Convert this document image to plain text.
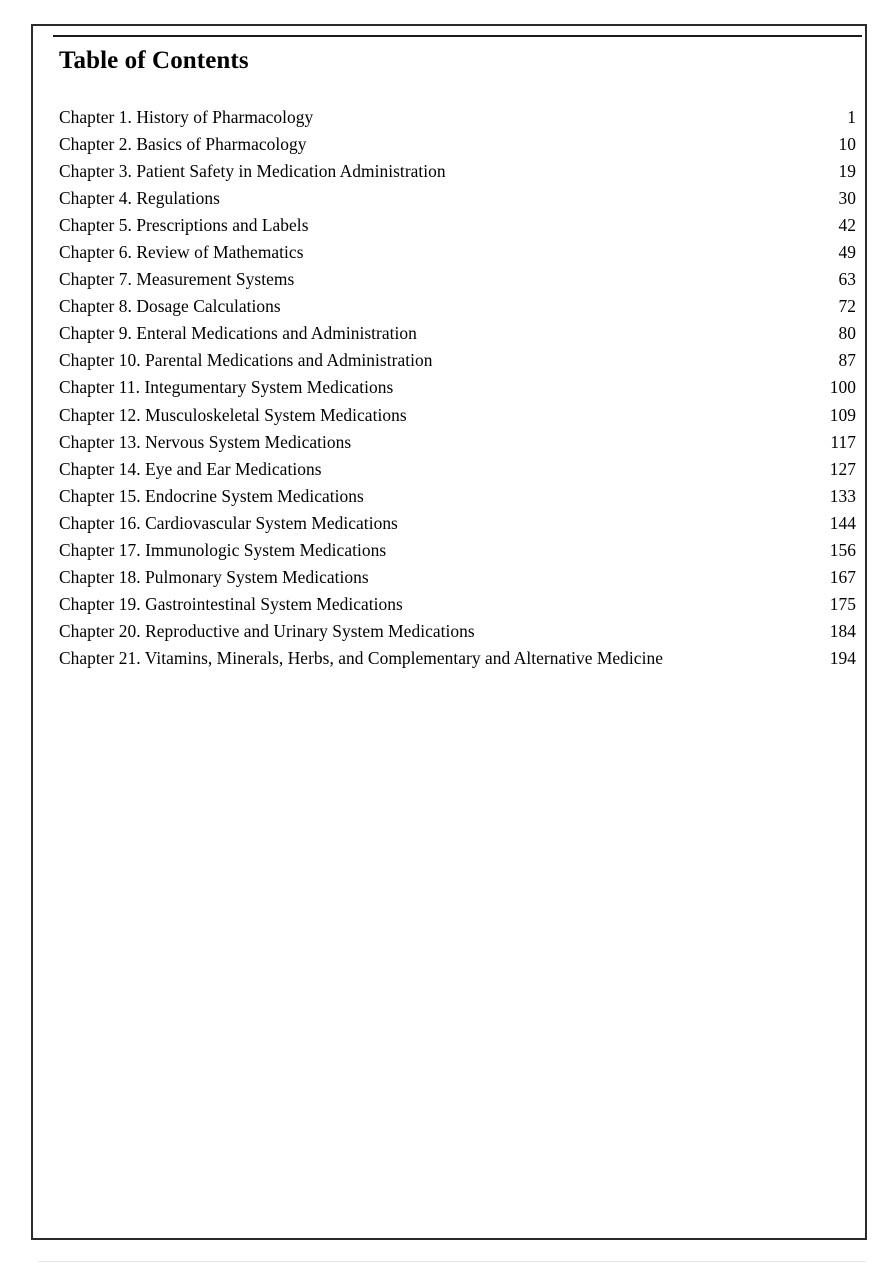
Table of Contents
Chapter 1. History of Pharmacology	1
Chapter 2. Basics of Pharmacology	10
Chapter 3. Patient Safety in Medication Administration	19
Chapter 4. Regulations	30
Chapter 5. Prescriptions and Labels	42
Chapter 6. Review of Mathematics	49
Chapter 7. Measurement Systems	63
Chapter 8. Dosage Calculations	72
Chapter 9. Enteral Medications and Administration	80
Chapter 10. Parental Medications and Administration	87
Chapter 11. Integumentary System Medications	100
Chapter 12. Musculoskeletal System Medications	109
Chapter 13. Nervous System Medications	117
Chapter 14. Eye and Ear Medications	127
Chapter 15. Endocrine System Medications	133
Chapter 16. Cardiovascular System Medications	144
Chapter 17. Immunologic System Medications	156
Chapter 18. Pulmonary System Medications	167
Chapter 19. Gastrointestinal System Medications	175
Chapter 20. Reproductive and Urinary System Medications	184
Chapter 21. Vitamins, Minerals, Herbs, and Complementary and Alternative Medicine	194
